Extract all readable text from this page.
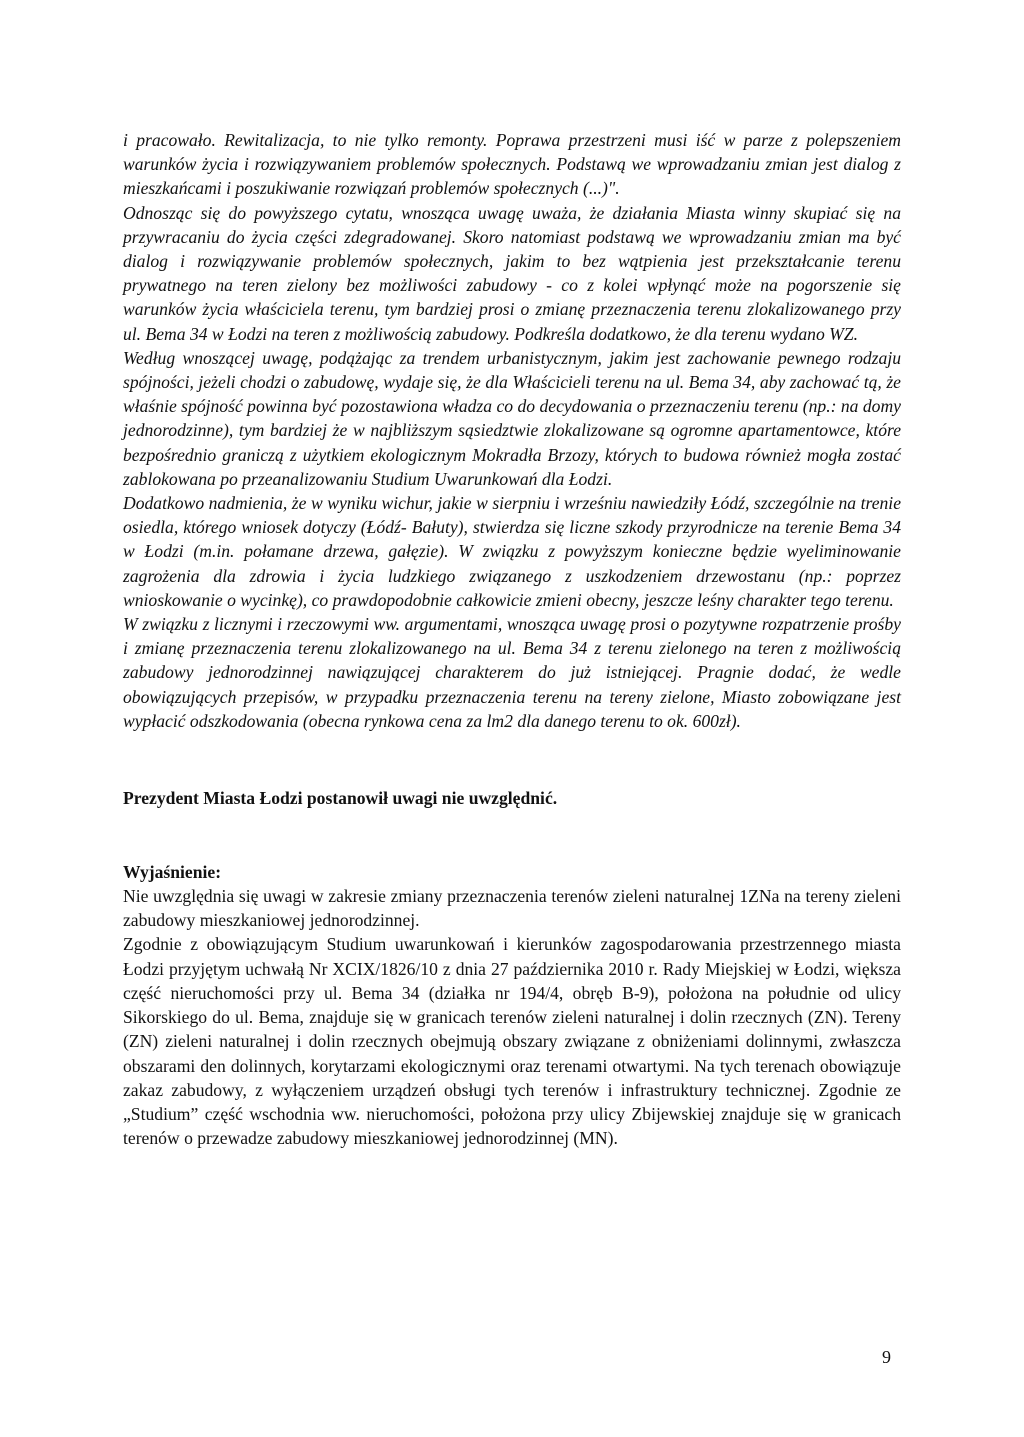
i pracowało. Rewitalizacja, to nie tylko remonty. Poprawa przestrzeni musi iść w parze z polepszeniem warunków życia i rozwiązywaniem problemów społecznych. Podstawą we wprowadzaniu zmian jest dialog z mieszkańcami i poszukiwanie rozwiązań problemów społecznych (...)".

Odnosząc się do powyższego cytatu, wnosząca uwagę uważa, że działania Miasta winny skupiać się na przywracaniu do życia części zdegradowanej. Skoro natomiast podstawą we wprowadzaniu zmian ma być dialog i rozwiązywanie problemów społecznych, jakim to bez wątpienia jest przekształcanie terenu prywatnego na teren zielony bez możliwości zabudowy - co z kolei wpłynąć może na pogorszenie się warunków życia właściciela terenu, tym bardziej prosi o zmianę przeznaczenia terenu zlokalizowanego przy ul. Bema 34 w Łodzi na teren z możliwością zabudowy. Podkreśla dodatkowo, że dla terenu wydano WZ.

Według wnoszącej uwagę, podążając za trendem urbanistycznym, jakim jest zachowanie pewnego rodzaju spójności, jeżeli chodzi o zabudowę, wydaje się, że dla Właścicieli terenu na ul. Bema 34, aby zachować tą, że właśnie spójność powinna być pozostawiona władza co do decydowania o przeznaczeniu terenu (np.: na domy jednorodzinne), tym bardziej że w najbliższym sąsiedztwie zlokalizowane są ogromne apartamentowce, które bezpośrednio graniczą z użytkiem ekologicznym Mokradła Brzozy, których to budowa również mogła zostać zablokowana po przeanalizowaniu Studium Uwarunkowań dla Łodzi.

Dodatkowo nadmienia, że w wyniku wichur, jakie w sierpniu i wrześniu nawiedziły Łódź, szczególnie na trenie osiedla, którego wniosek dotyczy (Łódź- Bałuty), stwierdza się liczne szkody przyrodnicze na terenie Bema 34 w Łodzi (m.in. połamane drzewa, gałęzie). W związku z powyższym konieczne będzie wyeliminowanie zagrożenia dla zdrowia i życia ludzkiego związanego z uszkodzeniem drzewostanu (np.: poprzez wnioskowanie o wycinkę), co prawdopodobnie całkowicie zmieni obecny, jeszcze leśny charakter tego terenu.

W związku z licznymi i rzeczowymi ww. argumentami, wnosząca uwagę prosi o pozytywne rozpatrzenie prośby i zmianę przeznaczenia terenu zlokalizowanego na ul. Bema 34 z terenu zielonego na teren z możliwością zabudowy jednorodzinnej nawiązującej charakterem do już istniejącej. Pragnie dodać, że wedle obowiązujących przepisów, w przypadku przeznaczenia terenu na tereny zielone, Miasto zobowiązane jest wypłacić odszkodowania (obecna rynkowa cena za lm2 dla danego terenu to ok. 600zł).

Prezydent Miasta Łodzi postanowił uwagi nie uwzględnić.
Wyjaśnienie:

Nie uwzględnia się uwagi w zakresie zmiany przeznaczenia terenów zieleni naturalnej 1ZNa na tereny zieleni zabudowy mieszkaniowej jednorodzinnej.

Zgodnie z obowiązującym Studium uwarunkowań i kierunków zagospodarowania przestrzennego miasta Łodzi przyjętym uchwałą Nr XCIX/1826/10 z dnia 27 października 2010 r. Rady Miejskiej w Łodzi, większa część nieruchomości przy ul. Bema 34 (działka nr 194/4, obręb B-9), położona na południe od ulicy Sikorskiego do ul. Bema, znajduje się w granicach terenów zieleni naturalnej i dolin rzecznych (ZN). Tereny (ZN) zieleni naturalnej i dolin rzecznych obejmują obszary związane z obniżeniami dolinnymi, zwłaszcza obszarami den dolinnych, korytarzami ekologicznymi oraz terenami otwartymi. Na tych terenach obowiązuje zakaz zabudowy, z wyłączeniem urządzeń obsługi tych terenów i infrastruktury technicznej. Zgodnie ze „Studium” część wschodnia ww. nieruchomości, położona przy ulicy Zbijewskiej znajduje się w granicach terenów o przewadze zabudowy mieszkaniowej jednorodzinnej (MN).

9
